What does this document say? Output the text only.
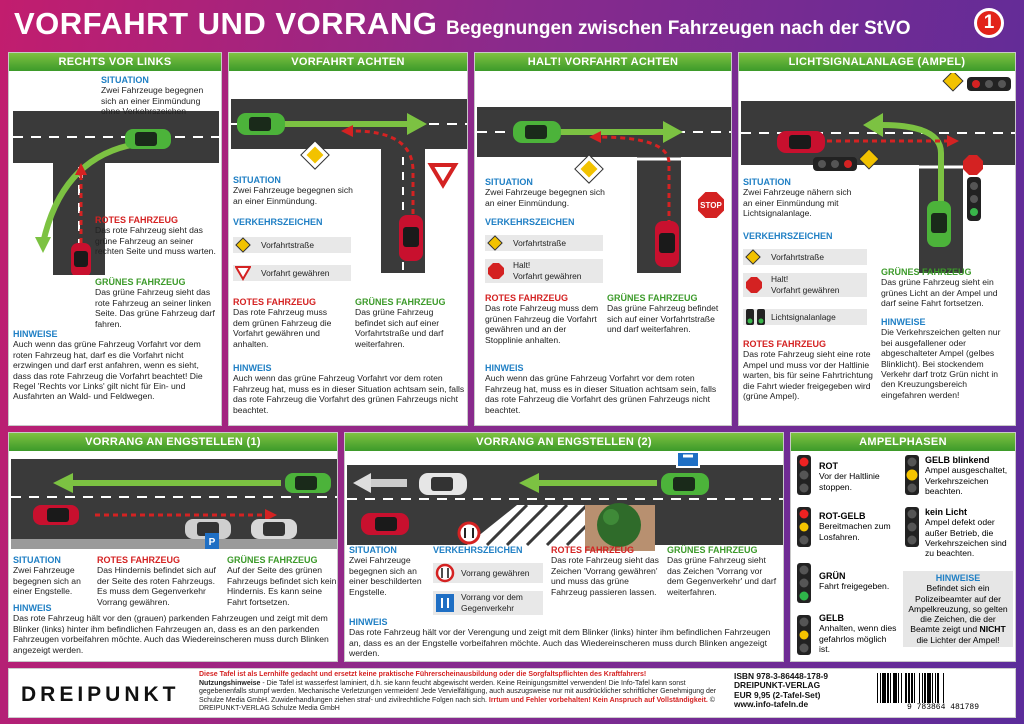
VORFAHRT UND VORRANG Begegnungen zwischen Fahrzeugen nach der StVO	1
RECHTS VOR LINKS
SITUATION
Zwei Fahrzeuge begegnen sich an einer Einmündung ohne Verkehrszeichen
ROTES FAHRZEUG
Das rote Fahrzeug sieht das grüne Fahrzeug an seiner rechten Seite und muss warten.
GRÜNES FAHRZEUG
Das grüne Fahrzeug sieht das rote Fahrzeug an seiner linken Seite. Das grüne Fahrzeug darf fahren.
HINWEISE
Auch wenn das grüne Fahrzeug Vorfahrt vor dem roten Fahrzeug hat, darf es die Vorfahrt nicht erzwingen und darf erst anfahren, wenn es sieht, dass das rote Fahrzeug die Vorfahrt beachtet! Die Regel 'Rechts vor Links' gilt nicht für Ein- und Ausfahrten an Wald- und Feldwegen.
VORFAHRT ACHTEN
SITUATION
Zwei Fahrzeuge begegnen sich an einer Einmündung.
VERKEHRSZEICHEN
Vorfahrtstraße
Vorfahrt gewähren
ROTES FAHRZEUG
Das rote Fahrzeug muss dem grünen Fahrzeug die Vorfahrt gewähren und anhalten.
GRÜNES FAHRZEUG
Das grüne Fahrzeug befindet sich auf einer Vorfahrtstraße und darf weiterfahren.
HINWEIS
Auch wenn das grüne Fahrzeug Vorfahrt vor dem roten Fahrzeug hat, muss es in dieser Situation achtsam sein, falls das rote Fahrzeug die Vorfahrt des grünen Fahrzeugs nicht beachtet.
HALT! VORFAHRT ACHTEN
STOP
SITUATION
Zwei Fahrzeuge begegnen sich an einer Einmündung.
VERKEHRSZEICHEN
Vorfahrtstraße
Halt!
Vorfahrt gewähren
ROTES FAHRZEUG
Das rote Fahrzeug muss dem grünen Fahrzeug die Vorfahrt gewähren und an der Stopplinie anhalten.
GRÜNES FAHRZEUG
Das grüne Fahrzeug befindet sich auf einer Vorfahrtstraße und darf weiterfahren.
HINWEIS
Auch wenn das grüne Fahrzeug Vorfahrt vor dem roten Fahrzeug hat, muss es in dieser Situation achtsam sein, falls das rote Fahrzeug die Vorfahrt des grünen Fahrzeugs nicht beachtet.
LICHTSIGNALANLAGE (AMPEL)
SITUATION
Zwei Fahrzeuge nähern sich an einer Einmündung mit Lichtsignalanlage.
VERKEHRSZEICHEN
Vorfahrtstraße
Halt!
Vorfahrt gewähren
Lichtsignalanlage
ROTES FAHRZEUG
Das rote Fahrzeug sieht eine rote Ampel und muss vor der Haltlinie warten, bis für seine Fahrtrichtung die Fahrt wieder freigegeben wird (grüne Ampel).
GRÜNES FAHRZEUG
Das grüne Fahrzeug sieht ein grünes Licht an der Ampel und darf seine Fahrt fortsetzen.
HINWEISE
Die Verkehrszeichen gelten nur bei ausgefallener oder abgeschalteter Ampel (gelbes Blinklicht). Bei stockendem Verkehr darf trotz Grün nicht in den Kreuzungsbereich eingefahren werden!
VORRANG AN ENGSTELLEN (1)
P
SITUATION
Zwei Fahrzeuge begegnen sich an einer Engstelle.
ROTES FAHRZEUG
Das Hindernis befindet sich auf der Seite des roten Fahrzeugs. Es muss dem Gegenverkehr Vorrang gewähren.
GRÜNES FAHRZEUG
Auf der Seite des grünen Fahrzeugs befindet sich kein Hindernis. Es kann seine Fahrt fortsetzen.
HINWEIS
Das rote Fahrzeug hält vor den (grauen) parkenden Fahrzeugen und zeigt mit dem Blinker (links) hinter ihm befindlichen Fahrzeugen an, dass es an den parkenden Fahrzeugen vorbeifahren möchte. Auch das Wiedereinscheren muss durch Blinken angezeigt werden.
VORRANG AN ENGSTELLEN (2)
SITUATION
Zwei Fahrzeuge begegnen sich an einer beschilderten Engstelle.
VERKEHRSZEICHEN
Vorrang gewähren
Vorrang vor dem Gegenverkehr
ROTES FAHRZEUG
Das rote Fahrzeug sieht das Zeichen 'Vorrang gewähren' und muss das grüne Fahrzeug passieren lassen.
GRÜNES FAHRZEUG
Das grüne Fahrzeug sieht das Zeichen 'Vorrang vor dem Gegenverkehr' und darf weiterfahren.
HINWEIS
Das rote Fahrzeug hält vor der Verengung und zeigt mit dem Blinker (links) hinter ihm befindlichen Fahrzeugen an, dass es an der Engstelle vorbeifahren möchte. Auch das Wiedereinscheren muss durch Blinken angezeigt werden.
AMPELPHASEN
ROT
Vor der Haltlinie stoppen.
ROT-GELB
Bereitmachen zum Losfahren.
GRÜN
Fahrt freigegeben.
GELB
Anhalten, wenn dies gefahrlos möglich ist.
GELB blinkend
Ampel ausgeschaltet, Verkehrszeichen beachten.
kein Licht
Ampel defekt oder außer Betrieb, die Verkehrszeichen sind zu beachten.
HINWEISE
Befindet sich ein Polizeibeamter auf der Ampelkreuzung, so gelten die Zeichen, die der Beamte zeigt und NICHT die Lichter der Ampel!
DREIPUNKT
Diese Tafel ist als Lernhilfe gedacht und ersetzt keine praktische Führerscheinausbildung oder die Sorgfaltspflichten des Kraftfahrers!
Nutzungshinweise - Die Tafel ist wasserfest laminiert, d.h. sie kann feucht abgewischt werden. Keine Reinigungsmittel verwenden! Die Info-Tafel kann sonst gegebenenfalls stumpf werden. Mechanische Verletzungen vermeiden! Jede Vervielfältigung, auch auszugsweise nur mit ausdrücklicher schriftlicher Genehmigung der Schulze Media GmbH. Zuwiderhandlungen ziehen straf- und zivilrechtliche Folgen nach sich. Irrtum und Fehler vorbehalten! Kein Anspruch auf Vollständigkeit. © DREIPUNKT-VERLAG Schulze Media GmbH
ISBN 978-3-86448-178-9
DREIPUNKT-VERLAG
EUR 9,95 (2-Tafel-Set)
www.info-tafeln.de	9 783864 481789
